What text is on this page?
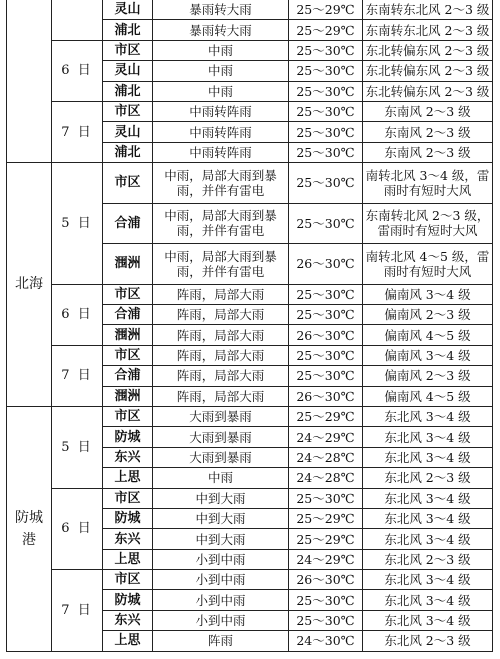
		灵山	暴雨转大雨	25～29℃	东南转东北风 2～3 级
		浦北	暴雨转大雨	25～29℃	东南转东北风 2～3 级
	6 日	市区	中雨	25～30℃	东北转偏东风 2～3 级
		灵山	中雨	25～30℃	东北转偏东风 2～3 级
		浦北	中雨	25～30℃	东北转偏东风 2～3 级
	7 日	市区	中雨转阵雨	25～30℃	东南风 2～3 级
		灵山	中雨转阵雨	25～30℃	东南风 2～3 级
		浦北	中雨转阵雨	25～30℃	东南风 2～3 级
北海	5 日	市区	中雨，局部大雨到暴雨，并伴有雷电	25～30℃	南转北风 3～4 级，雷雨时有短时大风
		合浦	中雨，局部大雨到暴雨，并伴有雷电	25～30℃	东南转北风 2～3 级，雷雨时有短时大风
		涠洲	中雨，局部大雨到暴雨，并伴有雷电	26～30℃	南转北风 4～5 级，雷雨时有短时大风
	6 日	市区	阵雨，局部大雨	25～30℃	偏南风 3～4 级
		合浦	阵雨，局部大雨	25～30℃	偏南风 2～3 级
		涠洲	阵雨，局部大雨	26～30℃	偏南风 4～5 级
	7 日	市区	阵雨，局部大雨	25～30℃	偏南风 3～4 级
		合浦	阵雨，局部大雨	25～30℃	偏南风 2～3 级
		涠洲	阵雨，局部大雨	26～30℃	偏南风 4～5 级

防城
港	5 日	市区	大雨到暴雨	25～29℃	东北风 3～4 级
		防城	大雨到暴雨	24～29℃	东北风 3～4 级
		东兴	大雨到暴雨	24～28℃	东北风 3～4 级
		上思	中雨	24～28℃	东北风 2～3 级
	6 日	市区	中到大雨	25～30℃	东北风 3～4 级
		防城	中到大雨	25～29℃	东北风 3～4 级
		东兴	中到大雨	25～29℃	东北风 3～4 级
		上思	小到中雨	24～29℃	东北风 2～3 级
	7 日	市区	小到中雨	26～30℃	东北风 3～4 级
		防城	小到中雨	25～30℃	东北风 3～4 级
		东兴	小到中雨	25～30℃	东北风 3～4 级
		上思	阵雨	24～30℃	东北风 2～3 级
